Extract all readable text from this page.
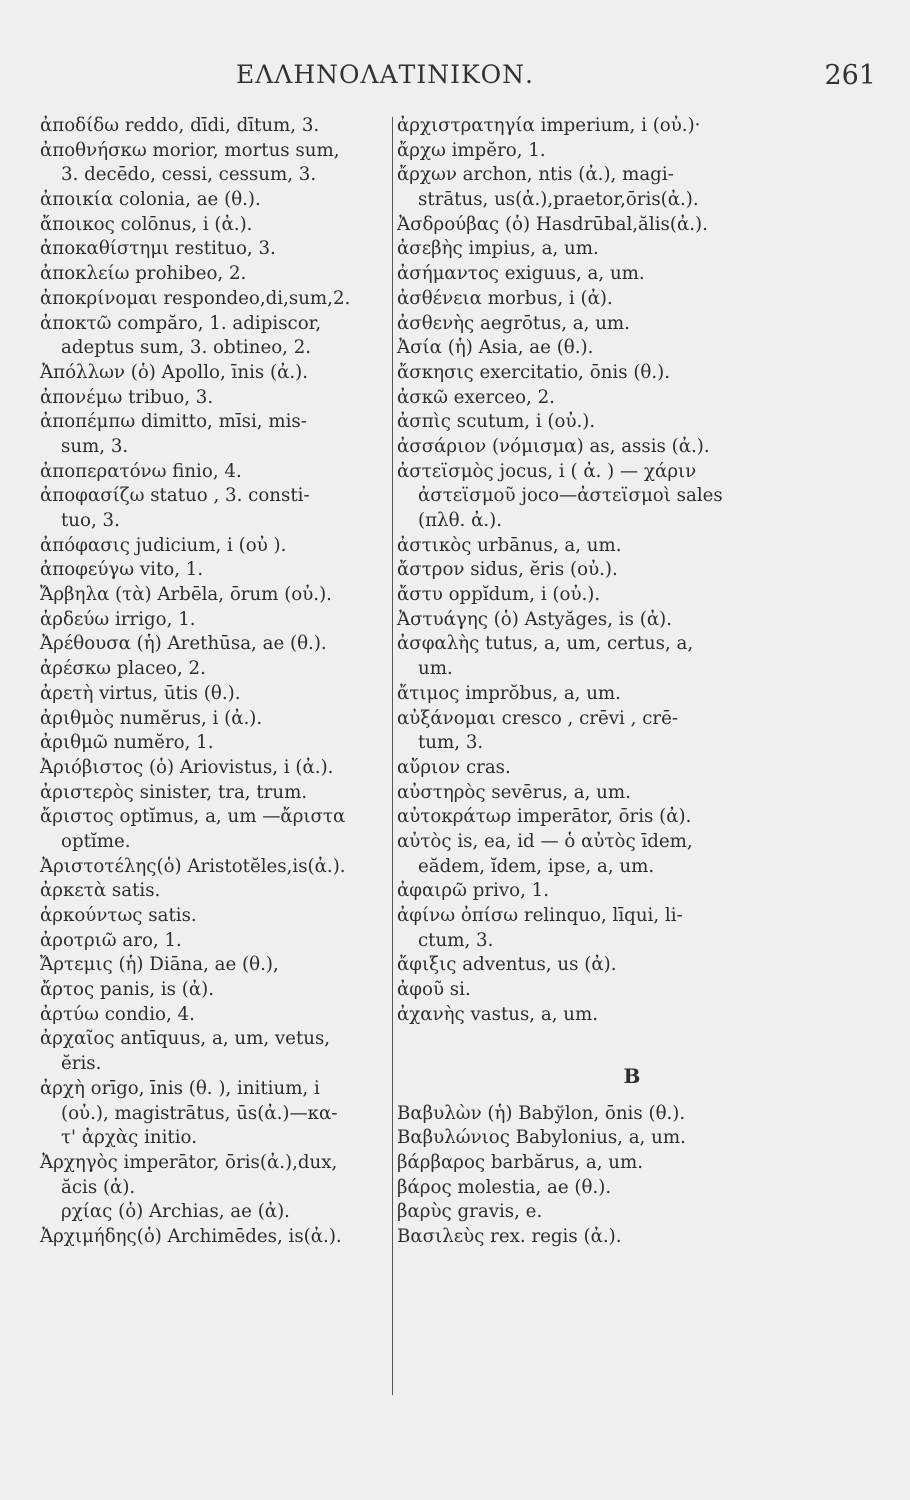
ΕΛΛΗΝΟΛΑΤΙΝΙΚΟΝ.	261
ἀποδίδω reddo, dīdi, dītum, 3.
ἀποθνήσκω morior, mortus sum,
3. decēdo, cessi, cessum, 3.
ἀποικία colonia, ae (θ.).
ἄποικος colōnus, i (ἀ.).
ἀποκαθίστημι restituo, 3.
ἀποκλείω prohibeo, 2.
ἀποκρίνομαι respondeo,di,sum,2.
ἀποκτῶ compăro, 1. adipiscor,
adeptus sum, 3. obtineo, 2.
Ἀπόλλων (ὁ) Apollo, īnis (ἀ.).
ἀπονέμω tribuo, 3.
ἀποπέμπω dimitto, mīsi, mis-
sum, 3.
ἀποπερατόνω finio, 4.
ἀποφασίζω statuo , 3. consti-
tuo, 3.
ἀπόφασις judicium, i (οὐ ).
ἀποφεύγω vito, 1.
Ἄρβηλα (τὰ) Arbēla, ōrum (οὐ.).
ἀρδεύω irrigo, 1.
Ἀρέθουσα (ἡ) Arethūsa, ae (θ.).
ἀρέσκω placeo, 2.
ἀρετὴ virtus, ūtis (θ.).
ἀριθμὸς numĕrus, i (ἀ.).
ἀριθμῶ numĕro, 1.
Ἀριόβιστος (ὁ) Ariovistus, i (ἀ.).
ἀριστερὸς sinister, tra, trum.
ἄριστος optĭmus, a, um —ἄριστα
optĭme.
Ἀριστοτέλης(ὁ) Aristotĕles,is(ἀ.).
ἀρκετὰ satis.
ἀρκούντως satis.
ἀροτριῶ aro, 1.
Ἄρτεμις (ἡ) Diāna, ae (θ.),
ἄρτος panis, is (ἀ).
ἀρτύω condio, 4.
ἀρχαῖος antīquus, a, um, vetus,
ĕris.
ἀρχὴ orīgo, īnis (θ. ), initium, i
(οὐ.), magistrātus, ūs(ἀ.)—κα-
τ' ἀρχὰς initio.
Ἀρχηγὸς imperātor, ōris(ἀ.),dux,
ăcis (ἀ).
ρχίας (ὁ) Archias, ae (ἀ).
Ἀρχιμήδης(ὁ) Archimēdes, is(ἀ.).
ἀρχιστρατηγία imperium, i (οὐ.)·
ἄρχω impĕro, 1.
ἄρχων archon, ntis (ἀ.), magi-
strātus, us(ἀ.),praetor,ōris(ἀ.).
Ἀσδρούβας (ὁ) Hasdrūbal,ălis(ἀ.).
ἀσεβὴς impius, a, um.
ἀσήμαντος exiguus, a, um.
ἀσθένεια morbus, i (ἀ).
ἀσθενὴς aegrōtus, a, um.
Ἀσία (ἡ) Asia, ae (θ.).
ἄσκησις exercitatio, ōnis (θ.).
ἀσκῶ exerceo, 2.
ἀσπὶς scutum, i (οὐ.).
ἀσσάριον (νόμισμα) as, assis (ἀ.).
ἀστεϊσμὸς jocus, i ( ἀ. ) — χάριν
ἀστεϊσμοῦ joco—ἀστεϊσμοὶ sales
(πλθ. ἀ.).
ἀστικὸς urbānus, a, um.
ἄστρον sidus, ĕris (οὐ.).
ἄστυ oppĭdum, i (οὐ.).
Ἀστυάγης (ὁ) Astyăges, is (ἀ).
ἀσφαλὴς tutus, a, um, certus, a,
um.
ἄτιμος imprŏbus, a, um.
αὐξάνομαι cresco , crēvi , crē-
tum, 3.
αὔριον cras.
αὐστηρὸς sevērus, a, um.
αὐτοκράτωρ imperātor, ōris (ἀ).
αὐτὸς is, ea, id — ὁ αὐτὸς īdem,
eădem, ĭdem, ipse, a, um.
ἀφαιρῶ privo, 1.
ἀφίνω ὀπίσω relinquo, līqui, li-
ctum, 3.
ἄφιξις adventus, us (ἀ).
ἀφοῦ si.
ἀχανὴς vastus, a, um.
B
Βαβυλὼν (ἡ) Babўlon, ōnis (θ.).
Βαβυλώνιος Babylonius, a, um.
βάρβαρος barbărus, a, um.
βάρος molestia, ae (θ.).
βαρὺς gravis, e.
Βασιλεὺς rex. regis (ἀ.).
